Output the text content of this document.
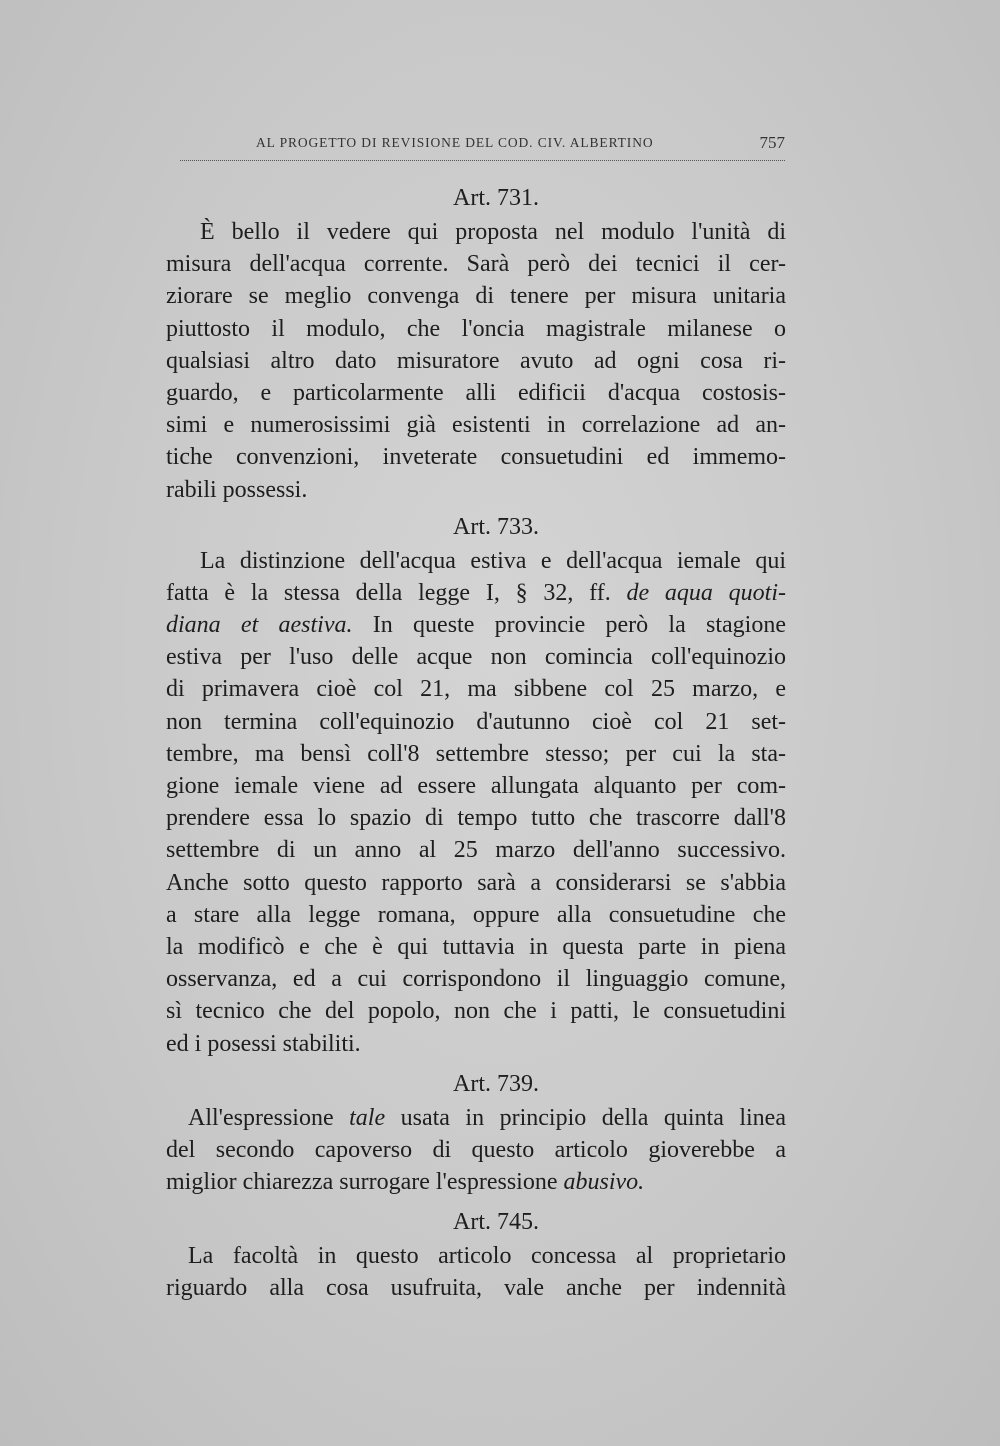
AL PROGETTO DI REVISIONE DEL COD. CIV. ALBERTINO	757
Art. 731.
È bello il vedere qui proposta nel modulo l'unità di
misura dell'acqua corrente. Sarà però dei tecnici il cer-
ziorare se meglio convenga di tenere per misura unitaria
piuttosto il modulo, che l'oncia magistrale milanese o
qualsiasi altro dato misuratore avuto ad ogni cosa ri-
guardo, e particolarmente alli edificii d'acqua costosis-
simi e numerosissimi già esistenti in correlazione ad an-
tiche convenzioni, inveterate consuetudini ed immemo-
rabili possessi.
Art. 733.
La distinzione dell'acqua estiva e dell'acqua iemale qui
fatta è la stessa della legge I, § 32, ff. de aqua quoti-
diana et aestiva. In queste provincie però la stagione
estiva per l'uso delle acque non comincia coll'equinozio
di primavera cioè col 21, ma sibbene col 25 marzo, e
non termina coll'equinozio d'autunno cioè col 21 set-
tembre, ma bensì coll'8 settembre stesso; per cui la sta-
gione iemale viene ad essere allungata alquanto per com-
prendere essa lo spazio di tempo tutto che trascorre dall'8
settembre di un anno al 25 marzo dell'anno successivo.
Anche sotto questo rapporto sarà a considerarsi se s'abbia
a stare alla legge romana, oppure alla consuetudine che
la modificò e che è qui tuttavia in questa parte in piena
osservanza, ed a cui corrispondono il linguaggio comune,
sì tecnico che del popolo, non che i patti, le consuetudini
ed i posessi stabiliti.
Art. 739.
All'espressione tale usata in principio della quinta linea
del secondo capoverso di questo articolo gioverebbe a
miglior chiarezza surrogare l'espressione abusivo.
Art. 745.
La facoltà in questo articolo concessa al proprietario
riguardo alla cosa usufruita, vale anche per indennità
